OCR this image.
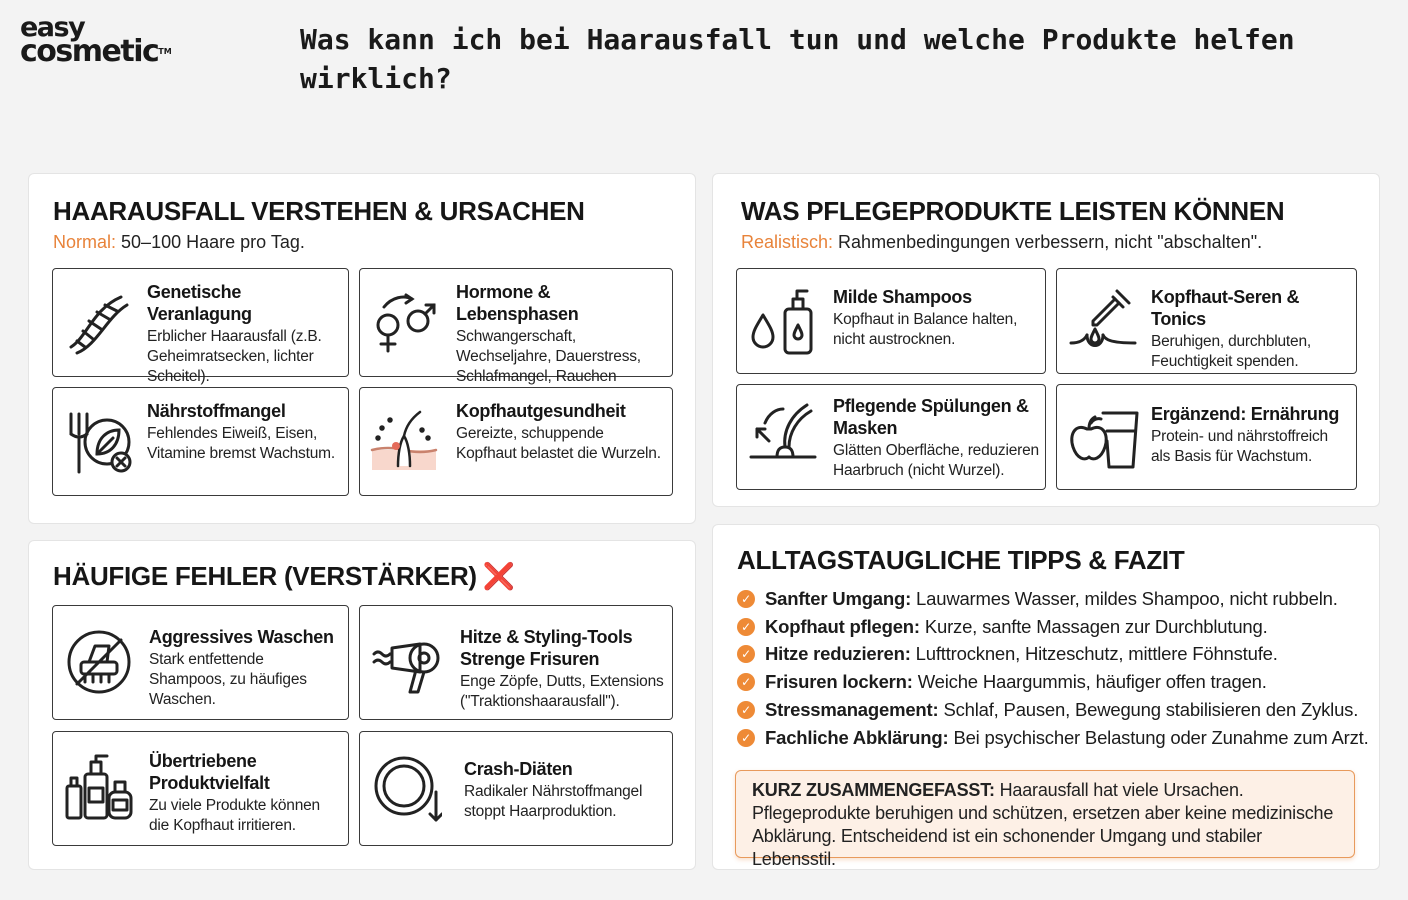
easy
cosmetic™	Was kann ich bei Haarausfall tun und welche Produkte helfen wirklich?
HAARAUSFALL VERSTEHEN & URSACHEN
Normal: 50–100 Haare pro Tag.
Genetische Veranlagung
Erblicher Haarausfall (z.B. Geheimratsecken, lichter Scheitel).
Hormone & Lebensphasen
Schwangerschaft, Wechseljahre, Dauerstress, Schlafmangel, Rauchen
Nährstoffmangel
Fehlendes Eiweiß, Eisen, Vitamine bremst Wachstum.
Kopfhautgesundheit
Gereizte, schuppende Kopfhaut belastet die Wurzeln.
WAS PFLEGEPRODUKTE LEISTEN KÖNNEN
Realistisch: Rahmenbedingungen verbessern, nicht "abschalten".
Milde Shampoos
Kopfhaut in Balance halten, nicht austrocknen.
Kopfhaut-Seren & Tonics
Beruhigen, durchbluten, Feuchtigkeit spenden.
Pflegende Spülungen & Masken
Glätten Oberfläche, reduzieren Haarbruch (nicht Wurzel).
Ergänzend: Ernährung
Protein- und nährstoffreich als Basis für Wachstum.
HÄUFIGE FEHLER (VERSTÄRKER) ❌
Aggressives Waschen
Stark entfettende Shampoos, zu häufiges Waschen.
Hitze & Styling-Tools Strenge Frisuren
Enge Zöpfe, Dutts, Extensions ("Traktionshaarausfall").
Übertriebene Produktvielfalt
Zu viele Produkte können die Kopfhaut irritieren.
Crash-Diäten
Radikaler Nährstoffmangel stoppt Haarproduktion.
ALLTAGSTAUGLICHE TIPPS & FAZIT
✓ Sanfter Umgang: Lauwarmes Wasser, mildes Shampoo, nicht rubbeln.
✓ Kopfhaut pflegen: Kurze, sanfte Massagen zur Durchblutung.
✓ Hitze reduzieren: Lufttrocknen, Hitzeschutz, mittlere Föhnstufe.
✓ Frisuren lockern: Weiche Haargummis, häufiger offen tragen.
✓ Stressmanagement: Schlaf, Pausen, Bewegung stabilisieren den Zyklus.
✓ Fachliche Abklärung: Bei psychischer Belastung oder Zunahme zum Arzt.
KURZ ZUSAMMENGEFASST: Haarausfall hat viele Ursachen. Pflegeprodukte beruhigen und schützen, ersetzen aber keine medizinische Abklärung. Entscheidend ist ein schonender Umgang und stabiler Lebensstil.
